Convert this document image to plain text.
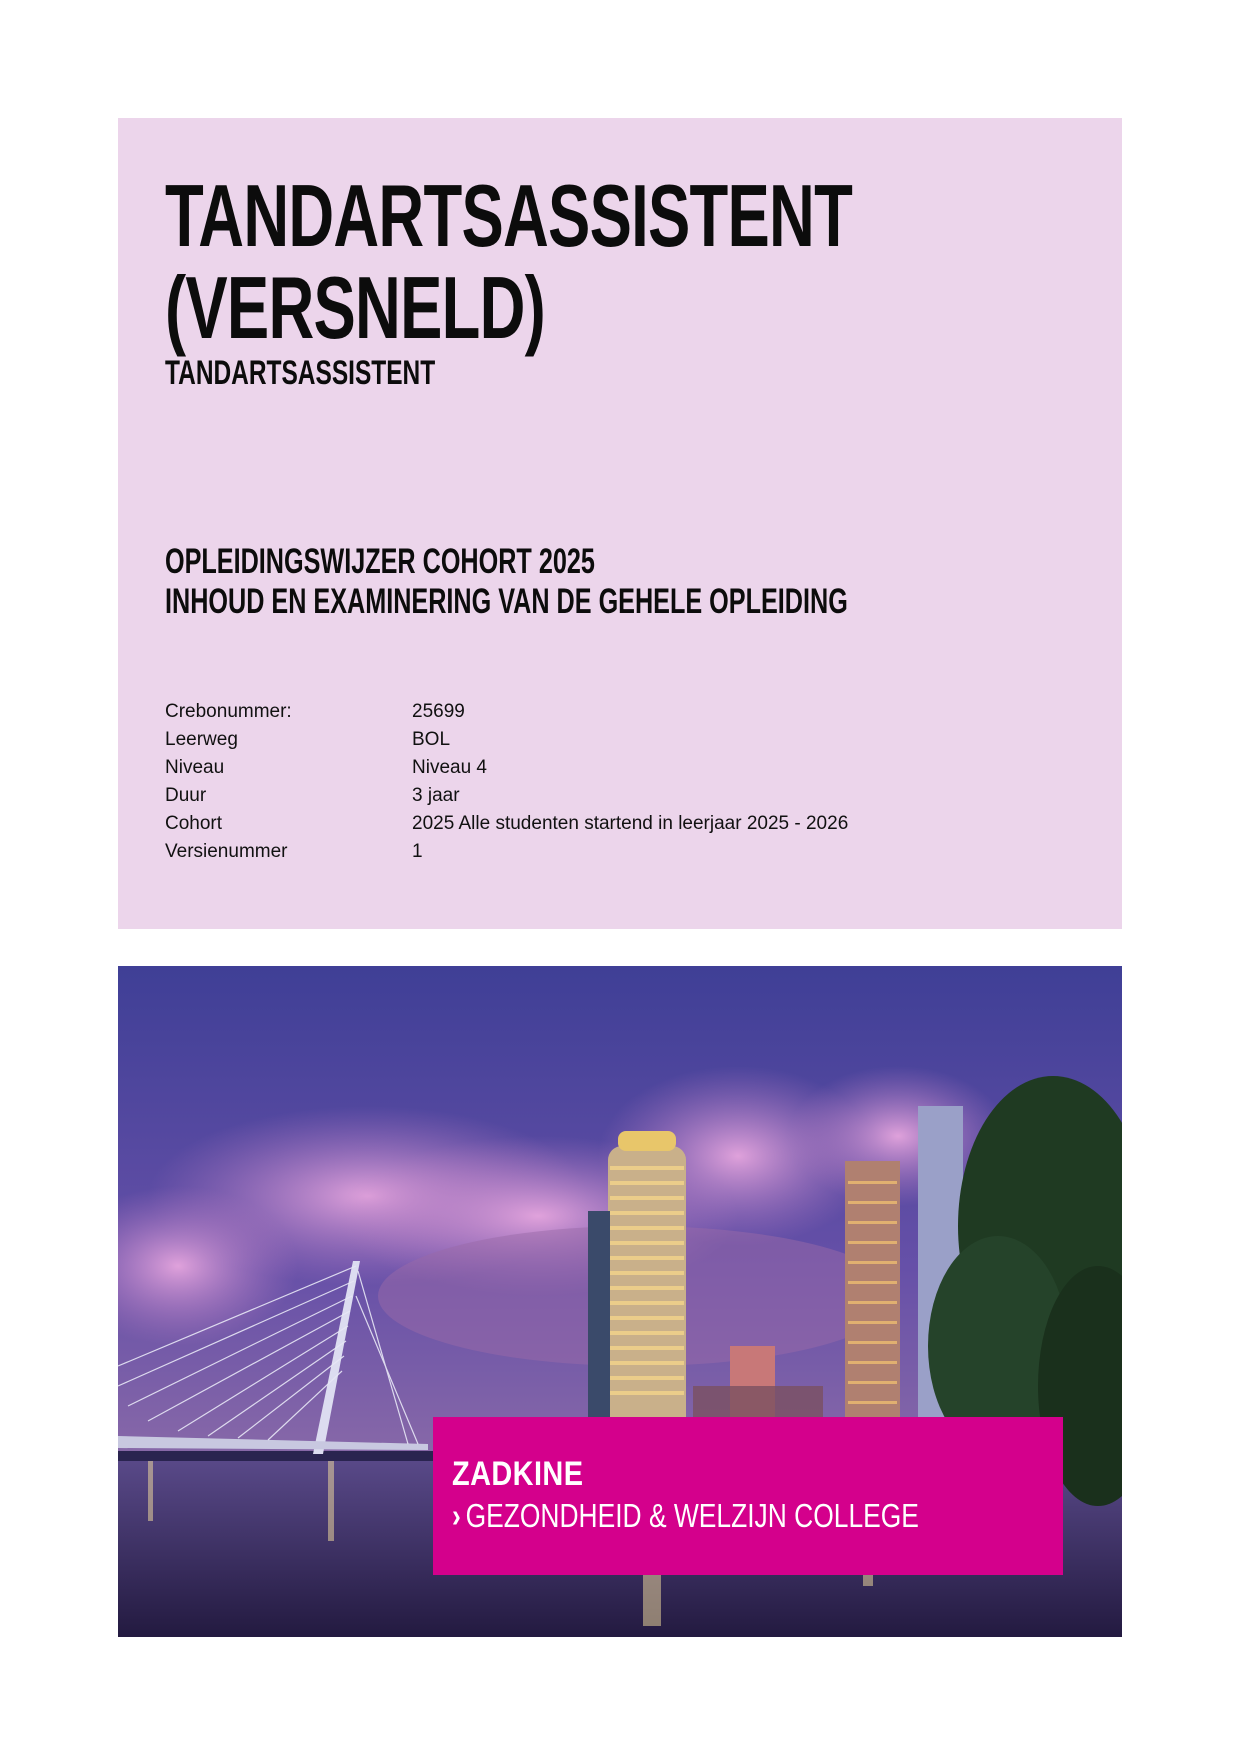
TANDARTSASSISTENT
(VERSNELD)
TANDARTSASSISTENT
OPLEIDINGSWIJZER COHORT 2025
INHOUD EN EXAMINERING VAN DE GEHELE OPLEIDING
Crebonummer:	25699
Leerweg	BOL
Niveau	Niveau 4
Duur	3 jaar
Cohort	2025 Alle studenten startend in leerjaar 2025 - 2026
Versienummer	1
ZADKINE
› GEZONDHEID & WELZIJN COLLEGE
